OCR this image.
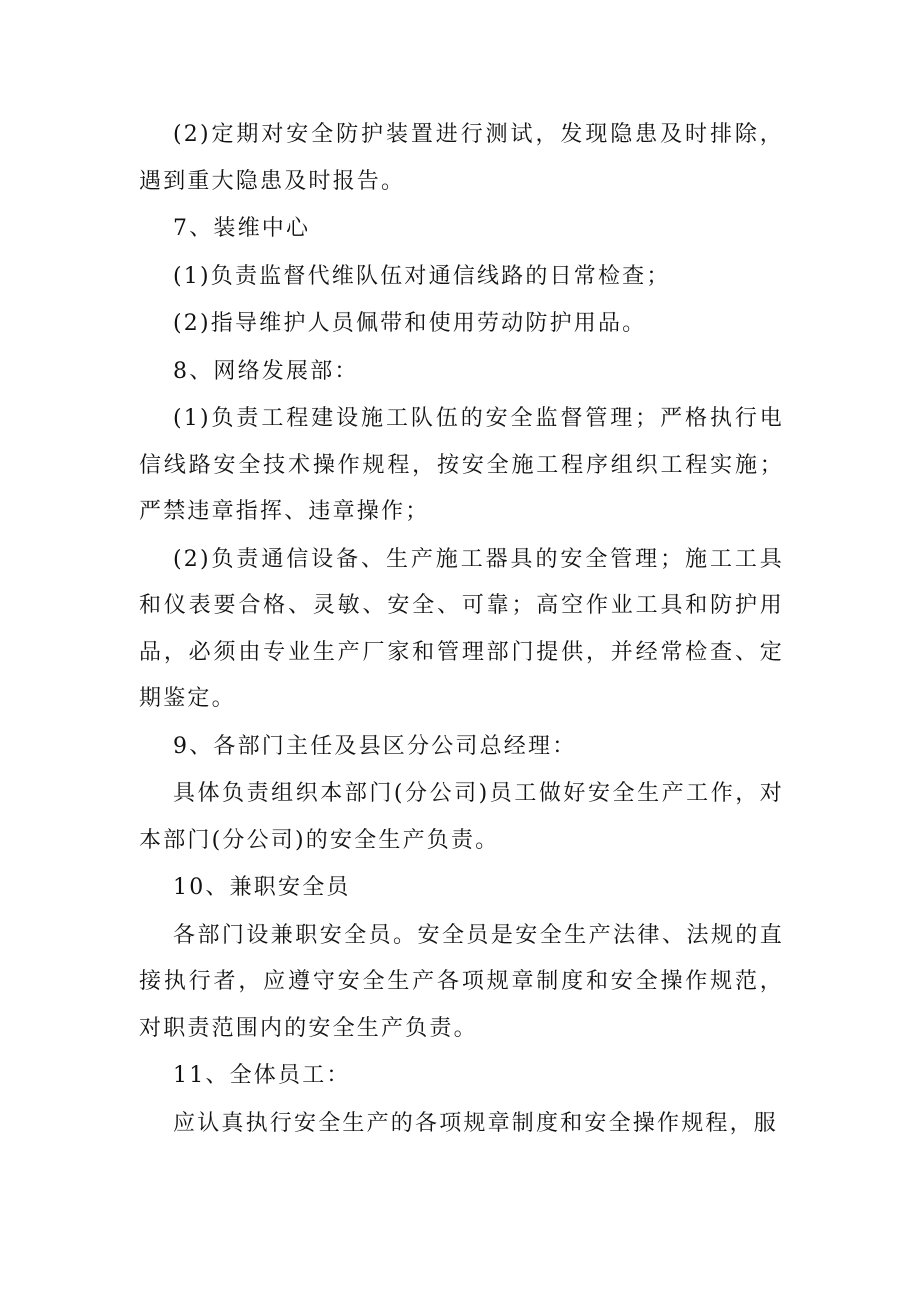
(2)定期对安全防护装置进行测试，发现隐患及时排除，遇到重大隐患及时报告。

7、装维中心

(1)负责监督代维队伍对通信线路的日常检查；

(2)指导维护人员佩带和使用劳动防护用品。

8、网络发展部：

(1)负责工程建设施工队伍的安全监督管理；严格执行电信线路安全技术操作规程，按安全施工程序组织工程实施；严禁违章指挥、违章操作；

(2)负责通信设备、生产施工器具的安全管理；施工工具和仪表要合格、灵敏、安全、可靠；高空作业工具和防护用品，必须由专业生产厂家和管理部门提供，并经常检查、定期鉴定。

9、各部门主任及县区分公司总经理：

具体负责组织本部门(分公司)员工做好安全生产工作，对本部门(分公司)的安全生产负责。

10、兼职安全员

各部门设兼职安全员。安全员是安全生产法律、法规的直接执行者，应遵守安全生产各项规章制度和安全操作规范，对职责范围内的安全生产负责。

11、全体员工：

应认真执行安全生产的各项规章制度和安全操作规程，服
